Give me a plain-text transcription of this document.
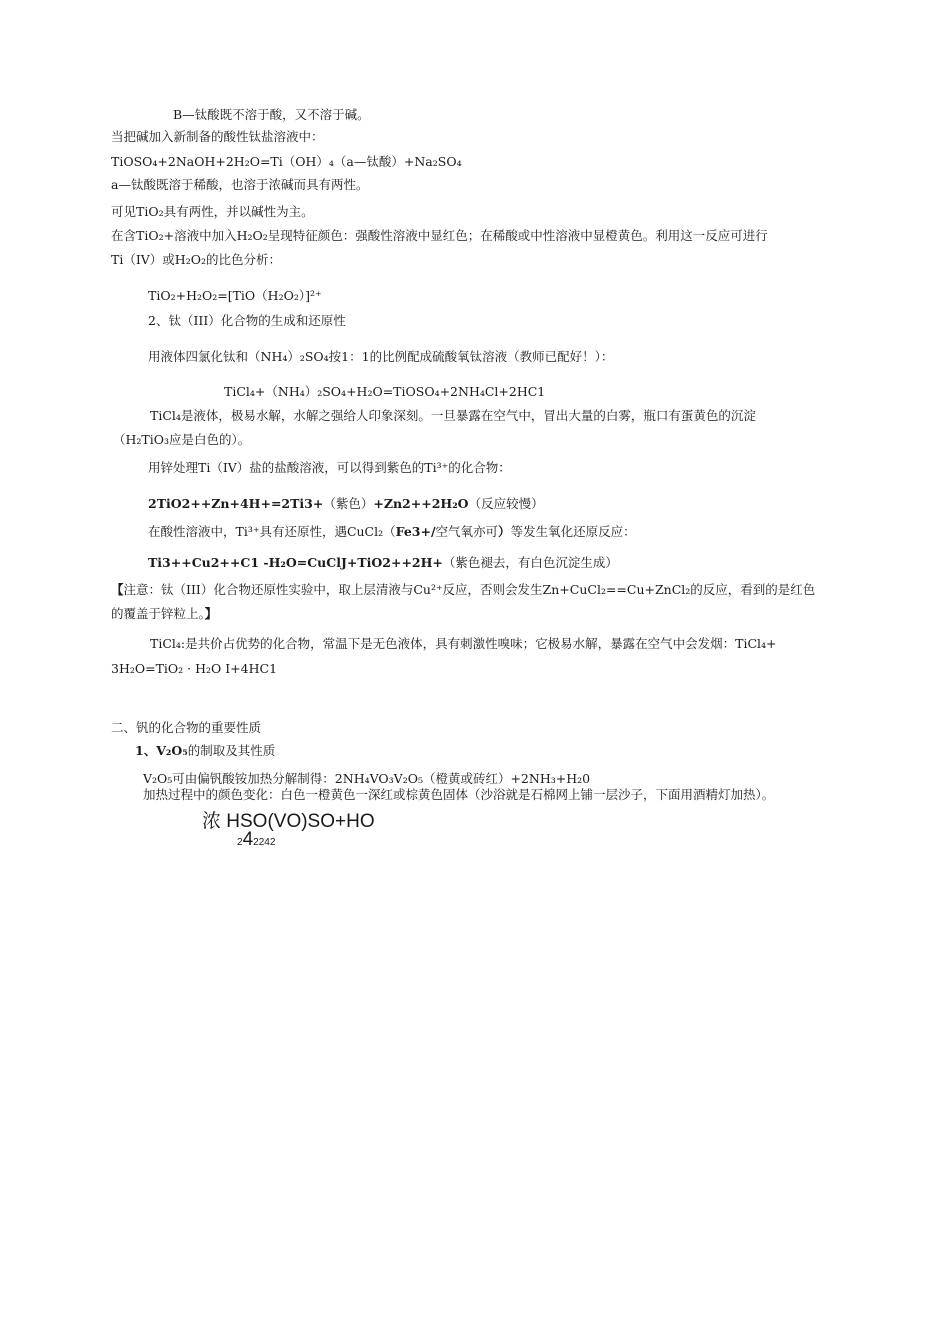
B—钛酸既不溶于酸，又不溶于碱。
当把碱加入新制备的酸性钛盐溶液中：
TiOSO₄+2NaOH+2H₂O=Ti（OH）₄（a—钛酸）+Na₂SO₄
a—钛酸既溶于稀酸，也溶于浓碱而具有两性。
可见TiO₂具有两性，并以碱性为主。
在含TiO₂+溶液中加入H₂O₂呈现特征颜色：强酸性溶液中显红色；在稀酸或中性溶液中显橙黄色。利用这一反应可进行
Ti（IV）或H₂O₂的比色分析：
TiO₂+H₂O₂=[TiO（H₂O₂）]²⁺
2、钛（III）化合物的生成和还原性
用液体四氯化钛和（NH₄）₂SO₄按1：1的比例配成硫酸氧钛溶液（教师已配好！）：
TiCl₄+（NH₄）₂SO₄+H₂O=TiOSO₄+2NH₄Cl+2HC1
TiCl₄是液体，极易水解，水解之强给人印象深刻。一旦暴露在空气中，冒出大量的白雾，瓶口有蛋黄色的沉淀
（H₂TiO₃应是白色的）。
用锌处理Ti（IV）盐的盐酸溶液，可以得到紫色的Ti³⁺的化合物：
2TiO2++Zn+4H+=2Ti3+（紫色）+Zn2++2H₂O（反应较慢）
在酸性溶液中，Ti³⁺具有还原性，遇CuCl₂（Fe3+/空气氧亦可）等发生氧化还原反应：
Ti3++Cu2++C1 -H₂O=CuClJ+TiO2++2H+（紫色褪去，有白色沉淀生成）
【注意：钛（III）化合物还原性实验中，取上层清液与Cu²⁺反应，否则会发生Zn+CuCl₂==Cu+ZnCl₂的反应，看到的是红色
的覆盖于锌粒上。】
TiCl₄:是共价占优势的化合物，常温下是无色液体，具有刺激性嗅味；它极易水解，暴露在空气中会发烟：TiCl₄+
3H₂O=TiO₂ · H₂O I+4HC1
二、钒的化合物的重要性质
1、V₂O₅的制取及其性质
V₂O₅可由偏钒酸铵加热分解制得：2NH₄VO₃V₂O₅（橙黄或砖红）+2NH₃+H₂0
加热过程中的颜色变化：白色一橙黄色一深红或棕黄色固体（沙浴就是石棉网上铺一层沙子，下面用酒精灯加热）。
浓 HSO(VO)SO+HO
242242
